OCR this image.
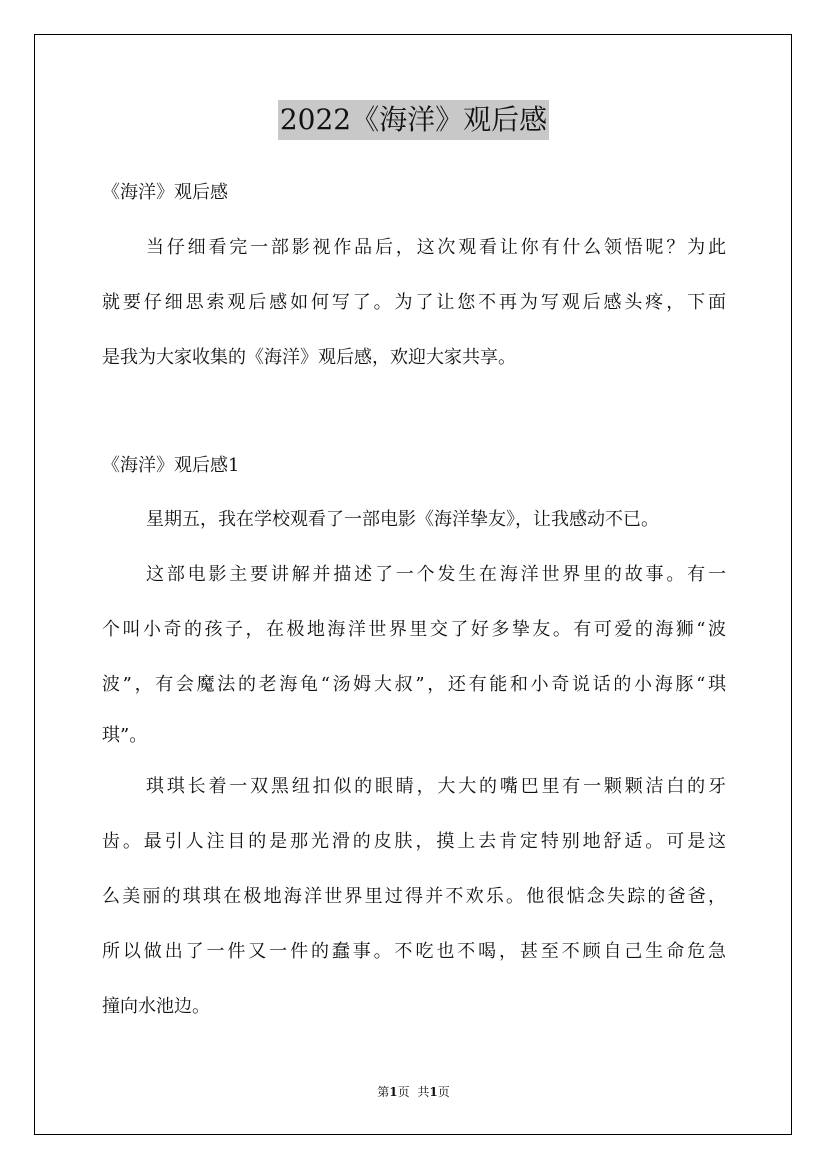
2022《海洋》观后感
《海洋》观后感
当仔细看完一部影视作品后，这次观看让你有什么领悟呢？为此
就要仔细思索观后感如何写了。为了让您不再为写观后感头疼，下面
是我为大家收集的《海洋》观后感，欢迎大家共享。
《海洋》观后感1
星期五，我在学校观看了一部电影《海洋挚友》，让我感动不已。
这部电影主要讲解并描述了一个发生在海洋世界里的故事。有一
个叫小奇的孩子，在极地海洋世界里交了好多挚友。有可爱的海狮“波
波”，有会魔法的老海龟“汤姆大叔”，还有能和小奇说话的小海豚“琪
琪”。
琪琪长着一双黑纽扣似的眼睛，大大的嘴巴里有一颗颗洁白的牙
齿。最引人注目的是那光滑的皮肤，摸上去肯定特别地舒适。可是这
么美丽的琪琪在极地海洋世界里过得并不欢乐。他很惦念失踪的爸爸，
所以做出了一件又一件的蠢事。不吃也不喝，甚至不顾自己生命危急
撞向水池边。
第1页 共1页
